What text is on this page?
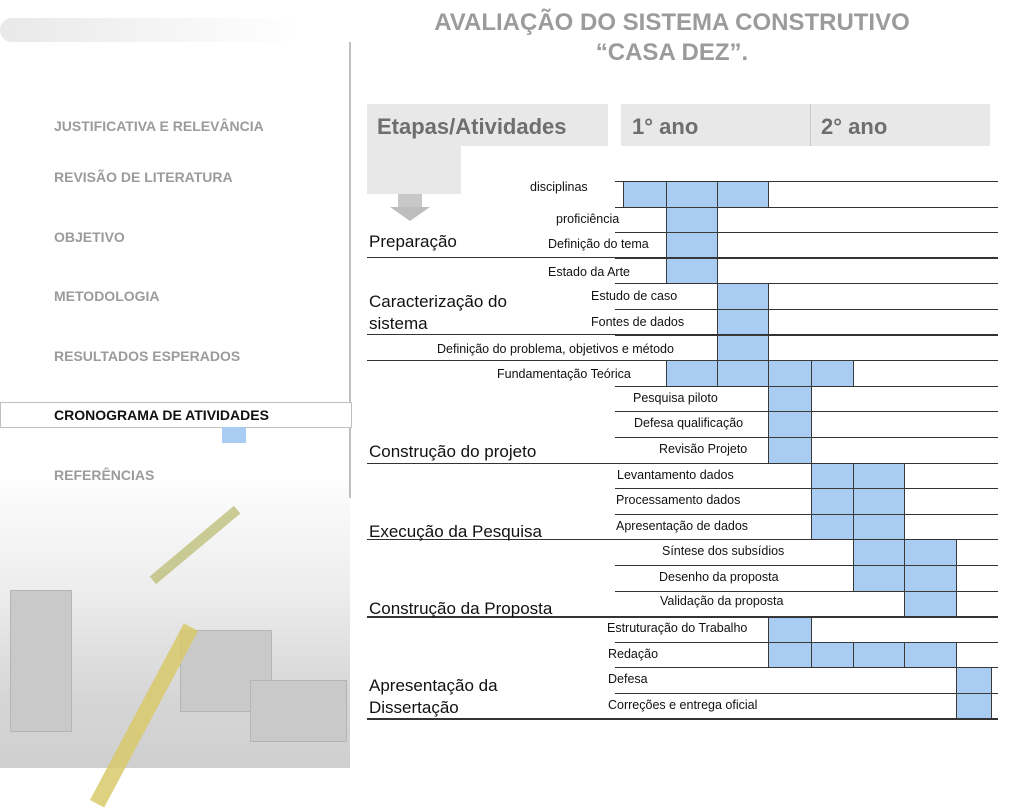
JUSTIFICATIVA E RELEVÂNCIA
REVISÃO DE LITERATURA
OBJETIVO
METODOLOGIA
RESULTADOS ESPERADOS
CRONOGRAMA DE ATIVIDADES
REFERÊNCIAS
AVALIAÇÃO DO SISTEMA CONSTRUTIVO
“CASA DEZ”.
Etapas/Atividades	1° ano	2° ano
disciplinas
proficiência
Definição do tema
Estado da Arte
Estudo de caso
Fontes de dados
Definição do problema, objetivos e método
Fundamentação Teórica
Pesquisa piloto
Defesa qualificação
Revisão Projeto
Levantamento dados
Processamento dados
Apresentação de dados
Síntese dos subsídios
Desenho da proposta
Validação da proposta
Estruturação do Trabalho
Redação
Defesa
Correções e entrega oficial
Preparação
Caracterização do sistema
Construção do projeto
Execução da Pesquisa
Construção da Proposta
Apresentação da Dissertação
